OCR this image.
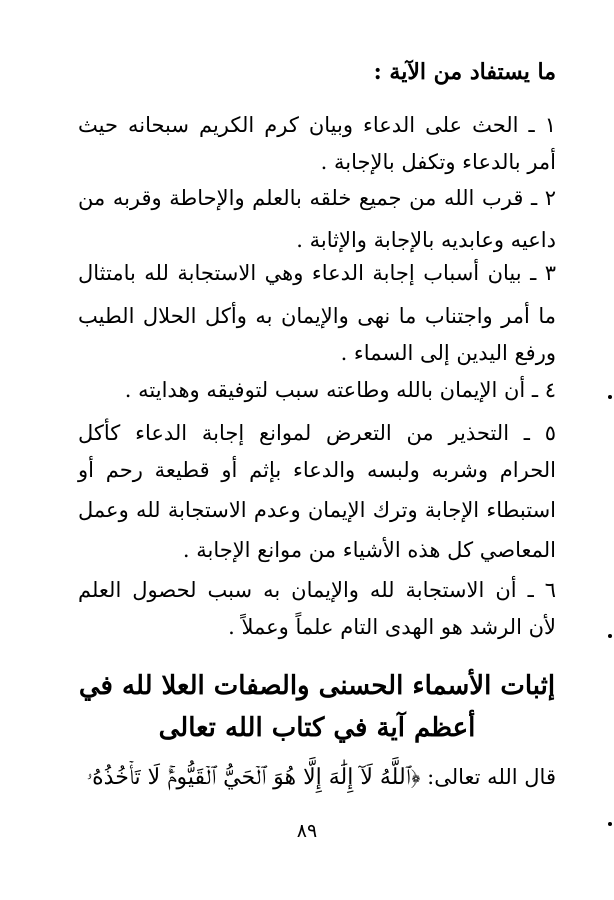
ما يستفاد من الآية :
١ ـ الحث على الدعاء وبيان كرم الكريم سبحانه حيث
أمر بالدعاء وتكفل بالإجابة .
٢ ـ قرب الله من جميع خلقه بالعلم والإحاطة وقربه من
داعيه وعابديه بالإجابة والإثابة .
٣ ـ بيان أسباب إجابة الدعاء وهي الاستجابة لله بامتثال
ما أمر واجتناب ما نهى والإيمان به وأكل الحلال الطيب
ورفع اليدين إلى السماء .
٤ ـ أن الإيمان بالله وطاعته سبب لتوفيقه وهدايته .
٥ ـ التحذير من التعرض لموانع إجابة الدعاء كأكل
الحرام وشربه ولبسه والدعاء بإثم أو قطيعة رحم أو
استبطاء الإجابة وترك الإيمان وعدم الاستجابة لله وعمل
المعاصي كل هذه الأشياء من موانع الإجابة .
٦ ـ أن الاستجابة لله والإيمان به سبب لحصول العلم
لأن الرشد هو الهدى التام علماً وعملاً .
إثبات الأسماء الحسنى والصفات العلا لله في
أعظم آية في كتاب الله تعالى
قال الله تعالى: ﴿ٱللَّهُ لَآ إِلَٰهَ إِلَّا هُوَ ٱلۡحَيُّ ٱلۡقَيُّومُۚ لَا تَأۡخُذُهُۥ
٨٩
